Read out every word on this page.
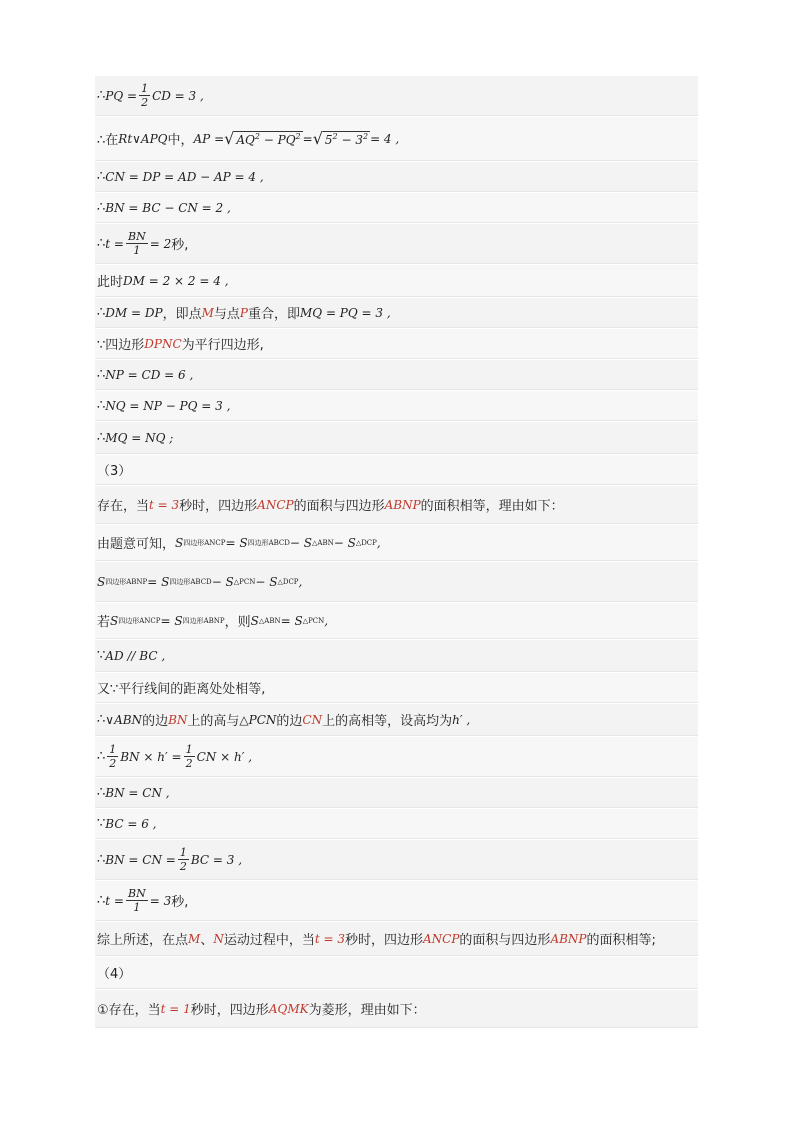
∴ PQ = $\frac{1}{2}$ CD = 3 ,
∴在 Rt∨APQ 中， AP = √ $AQ^2 - PQ^2$ = √ $5^2 - 3^2 = 4$ ,
∴ CN = DP = AD − AP = 4 ,
∴ BN = BC − CN = 2 ,
∴ $t = \frac{BN}{1} = 2$ 秒,
此时 DM = 2 × 2 = 4 ,
∴ DM = DP ，即点 M 与点 P 重合，即 MQ = PQ = 3 ,
∵四边形 DPNC 为平行四边形,
∴ NP = CD = 6 ,
∴ NQ = NP − PQ = 3 ,
∴ MQ = NQ ;
（3）
存在，当 t = 3 秒时，四边形 ANCP 的面积与四边形 ABNP 的面积相等，理由如下：
由题意可知， S 四边形ANCP = S 四边形ABCD − S △ABN − S △DCP ,
S 四边形ABNP = S 四边形ABCD − S △PCN − S △DCP ,
若 S 四边形ANCP = S 四边形ABNP ，则 S △ABN = S △PCN ,
∵ AD // BC ,
又∵平行线间的距离处处相等,
∴ ∨ABN 的边 BN 上的高与 △PCN 的边 CN 上的高相等，设高均为 h′ ,
∴ $\frac{1}{2}$ BN × $h' = \frac{1}{2}$ CN × h′ ,
∴ BN = CN ,
∵ BC = 6 ,
∴ BN = CN = $\frac{1}{2}$ BC = 3 ,
∴ $t = \frac{BN}{1} = 3$ 秒,
综上所述，在点 M 、 N 运动过程中，当 t = 3 秒时，四边形 ANCP 的面积与四边形 ABNP 的面积相等;
（4）
①存在，当 t = 1 秒时，四边形 AQMK 为菱形，理由如下：
